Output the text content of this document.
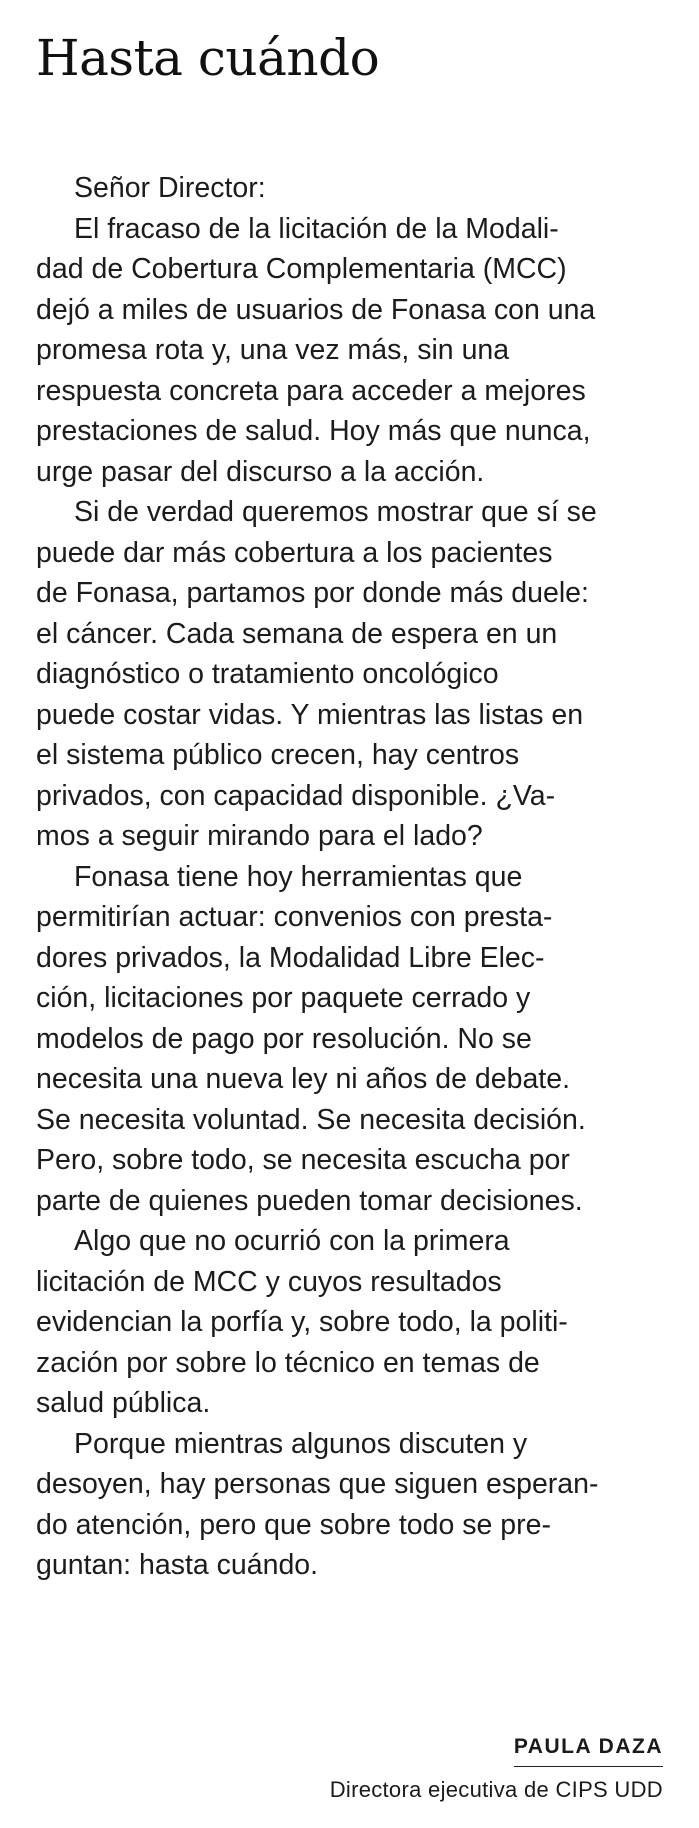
Hasta cuándo
Señor Director:
El fracaso de la licitación de la Modali-
dad de Cobertura Complementaria (MCC)
dejó a miles de usuarios de Fonasa con una
promesa rota y, una vez más, sin una
respuesta concreta para acceder a mejores
prestaciones de salud. Hoy más que nunca,
urge pasar del discurso a la acción.
Si de verdad queremos mostrar que sí se
puede dar más cobertura a los pacientes
de Fonasa, partamos por donde más duele:
el cáncer. Cada semana de espera en un
diagnóstico o tratamiento oncológico
puede costar vidas. Y mientras las listas en
el sistema público crecen, hay centros
privados, con capacidad disponible. ¿Va-
mos a seguir mirando para el lado?
Fonasa tiene hoy herramientas que
permitirían actuar: convenios con presta-
dores privados, la Modalidad Libre Elec-
ción, licitaciones por paquete cerrado y
modelos de pago por resolución. No se
necesita una nueva ley ni años de debate.
Se necesita voluntad. Se necesita decisión.
Pero, sobre todo, se necesita escucha por
parte de quienes pueden tomar decisiones.
Algo que no ocurrió con la primera
licitación de MCC y cuyos resultados
evidencian la porfía y, sobre todo, la politi-
zación por sobre lo técnico en temas de
salud pública.
Porque mientras algunos discuten y
desoyen, hay personas que siguen esperan-
do atención, pero que sobre todo se pre-
guntan: hasta cuándo.
PAULA DAZA
Directora ejecutiva de CIPS UDD
